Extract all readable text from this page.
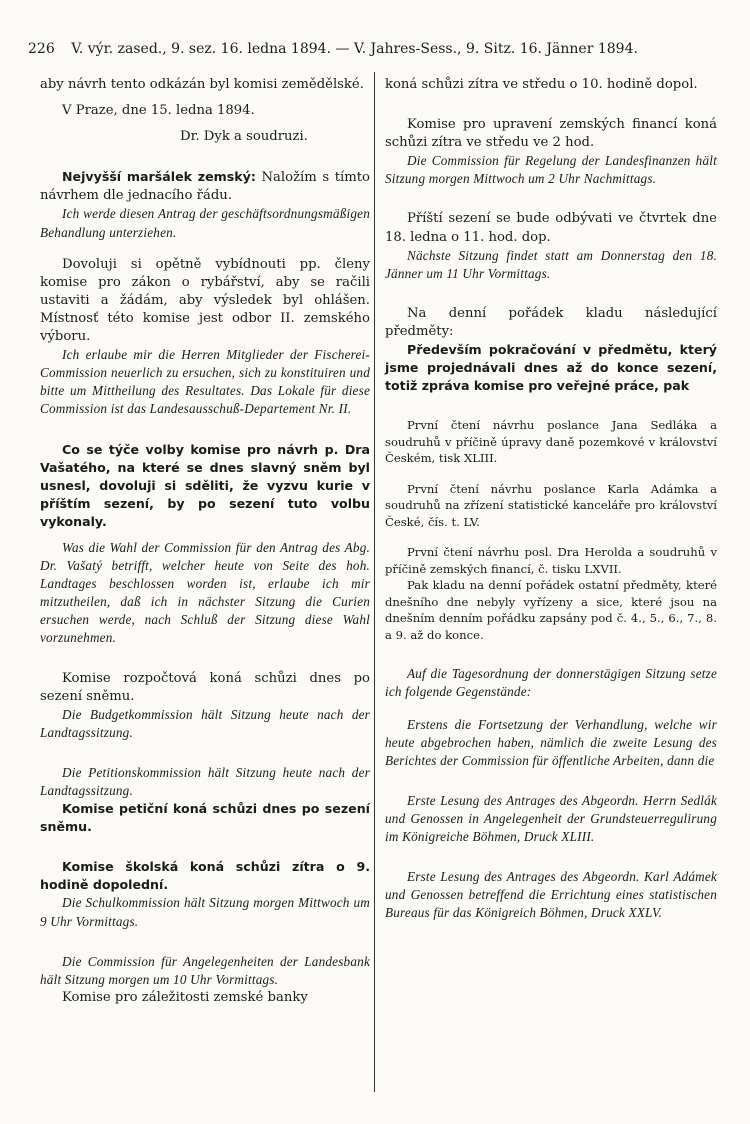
226 V. výr. zased., 9. sez. 16. ledna 1894. — V. Jahres-Sess., 9. Sitz. 16. Jänner 1894.

aby návrh tento odkázán byl komisi zemědělské.

V Praze, dne 15. ledna 1894.

Dr. Dyk a soudruzi.

Nejvyšší maršálek zemský: Naložím s tímto návrhem dle jednacího řádu.

Ich werde diesen Antrag der geschäftsordnungsmäßigen Behandlung unterziehen.

Dovoluji si opětně vybídnouti pp. členy komise pro zákon o rybářství, aby se račili ustaviti a žádám, aby výsledek byl ohlášen. Místnosť této komise jest odbor II. zemského výboru.

Ich erlaube mir die Herren Mitglieder der Fischerei-Commission neuerlich zu ersuchen, sich zu konstituiren und bitte um Mittheilung des Resultates. Das Lokale für diese Commission ist das Landesausschuß-Departement Nr. II.

Co se týče volby komise pro návrh p. Dra Vašatého, na které se dnes slavný sněm byl usnesl, dovoluji si sděliti, že vyzvu kurie v příštím sezení, by po sezení tuto volbu vykonaly.

Was die Wahl der Commission für den Antrag des Abg. Dr. Vašatý betrifft, welcher heute von Seite des hoh. Landtages beschlossen worden ist, erlaube ich mir mitzutheilen, daß ich in nächster Sitzung die Curien ersuchen werde, nach Schluß der Sitzung diese Wahl vorzunehmen.

Komise rozpočtová koná schůzi dnes po sezení sněmu.

Die Budgetkommission hält Sitzung heute nach der Landtagssitzung.

Die Petitionskommission hält Sitzung heute nach der Landtagssitzung.

Komise petiční koná schůzi dnes po sezení sněmu.

Komise školská koná schůzi zítra o 9. hodině dopolední.

Die Schulkommission hält Sitzung morgen Mittwoch um 9 Uhr Vormittags.

Die Commission für Angelegenheiten der Landesbank hält Sitzung morgen um 10 Uhr Vormittags.

Komise pro záležitosti zemské banky

koná schůzi zítra ve středu o 10. hodině dopol.

Komise pro upravení zemských financí koná schůzi zítra ve středu ve 2 hod.

Die Commission für Regelung der Landesfinanzen hält Sitzung morgen Mittwoch um 2 Uhr Nachmittags.

Příští sezení se bude odbývati ve čtvrtek dne 18. ledna o 11. hod. dop.

Nächste Sitzung findet statt am Donnerstag den 18. Jänner um 11 Uhr Vormittags.

Na denní pořádek kladu následující předměty:

Především pokračování v předmětu, který jsme projednávali dnes až do konce sezení, totiž zpráva komise pro veřejné práce, pak

První čtení návrhu poslance Jana Sedláka a soudruhů v příčině úpravy daně pozemkové v království Českém, tisk XLIII.

První čtení návrhu poslance Karla Adámka a soudruhů na zřízení statistické kanceláře pro království České, čís. t. LV.

První čtení návrhu posl. Dra Herolda a soudruhů v příčině zemských financí, č. tisku LXVII.

Pak kladu na denní pořádek ostatní předměty, které dnešního dne nebyly vyřízeny a sice, které jsou na dnešním denním pořádku zapsány pod č. 4., 5., 6., 7., 8. a 9. až do konce.

Auf die Tagesordnung der donnerstägigen Sitzung setze ich folgende Gegenstände:

Erstens die Fortsetzung der Verhandlung, welche wir heute abgebrochen haben, nämlich die zweite Lesung des Berichtes der Commission für öffentliche Arbeiten, dann die

Erste Lesung des Antrages des Abgeordn. Herrn Sedlák und Genossen in Angelegenheit der Grundsteuerregulirung im Königreiche Böhmen, Druck XLIII.

Erste Lesung des Antrages des Abgeordn. Karl Adámek und Genossen betreffend die Errichtung eines statistischen Bureaus für das Königreich Böhmen, Druck XXLV.
